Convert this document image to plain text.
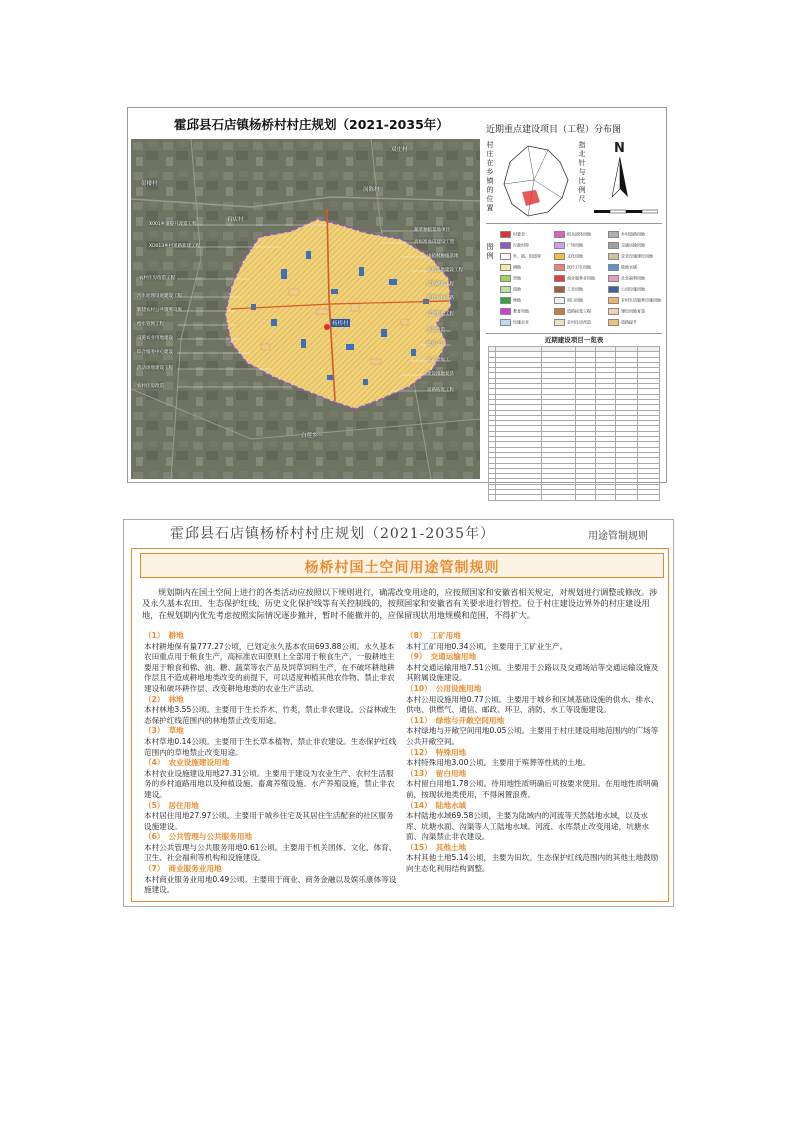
霍邱县石店镇杨桥村村庄规划（2021-2035年）	近期重点建设项目（工程）分布图
双庄村
彭楼村
石店村
岗陈村
白莲乡
杨桥村
X001乡道提升改造工程
XD013乡村道路新建工程
农村住房改造工程
污水处理设施建设工程
新建农村公共服务设施
给水管网工程
设施农业用地建设
综合服务中心建设
活动场地建设工程
农村住房改造
蔬菜种植基地项目
高标准农田建设工程
中药材种植基地
养殖基地建设工程
道路硬化工程
新建农村道路
坑塘整治工程
鱼塘改造
健身广场
农产品加工
建设用地复垦
道路拓宽工程
村庄在乡镇的位置
指北针与比例尺
N
图例
村委会	机关团体用地	乡村道路用地
行政村界	广场用地	交通运输用地
乡、镇、街道界	文化用地	农业设施建设用地
耕地	医疗卫生用地	陆地水域
草地	商业服务业用地	社会福利用地
园地	工业用地	公用设施用地
林地	留白用地	农村生活服务设施用地
教育用地	道路拓宽工程	建设用地复垦
设施农业	农村住房改造	道路提升
近期建设项目一览表

霍邱县石店镇杨桥村村庄规划（2021-2035年）	用途管制规则
杨桥村国土空间用途管制规则
规划期内在国土空间上进行的各类活动应按照以下规则进行，确需改变用途的，应按照国家和安徽省相关规定，对规划进行调整或修改。涉及永久基本农田、生态保护红线、历史文化保护线等有关控制线的，按照国家和安徽省有关要求进行管控。位于村庄建设边界外的村庄建设用地，在规划期内优先考虑按照实际情况逐步撤并，暂时不能撤并的，应保留现状用地规模和范围，不得扩大。
（1） 耕地

本村耕地保有量777.27公顷，已划定永久基本农田693.88公顷。永久基本农田重点用于粮食生产，高标准农田原则上全部用于粮食生产，一般耕地主要用于粮食和棉、油、糖、蔬菜等农产品及饲草饲料生产，在不破坏耕地耕作层且不造成耕地地类改变的前提下，可以适度种植其他农作物。禁止非农建设和破坏耕作层、改变耕地地类的农业生产活动。

（2） 林地

本村林地3.55公顷。主要用于生长乔木、竹类，禁止非农建设。公益林或生态保护红线范围内的林地禁止改变用途。

（3） 草地

本村草地0.14公顷。主要用于生长草本植物，禁止非农建设。生态保护红线范围内的草地禁止改变用途。

（4） 农业设施建设用地

本村农业设施建设用地27.31公顷。主要用于建设为农业生产、农村生活服务的乡村道路用地以及种植设施、畜禽养殖设施、水产养殖设施，禁止非农建设。

（5） 居住用地

本村居住用地27.97公顷。主要用于城乡住宅及其居住生活配套的社区服务设施建设。

（6） 公共管理与公共服务用地

本村公共管理与公共服务用地0.61公顷。主要用于机关团体、文化、体育、卫生、社会福利等机构和设施建设。

（7） 商业服务业用地

本村商业服务业用地0.49公顷。主要用于商业、商务金融以及娱乐康体等设施建设。

（8） 工矿用地

本村工矿用地0.34公顷。主要用于工矿业生产。

（9） 交通运输用地

本村交通运输用地7.51公顷。主要用于公路以及交通场站等交通运输设施及其附属设施建设。

（10） 公用设施用地

本村公用设施用地0.77公顷。主要用于城乡和区域基础设施的供水、排水、供电、供燃气、通信、邮政、环卫、消防、水工等设施建设。

（11） 绿地与开敞空间用地

本村绿地与开敞空间用地0.05公顷。主要用于村庄建设用地范围内的广场等公共开敞空间。

（12） 特殊用地

本村特殊用地3.00公顷。主要用于殡葬等性质的土地。

（13） 留白用地

本村留白用地1.78公顷。待用地性质明确后可按要求使用。在用地性质明确前，按现状地类使用，不得闲置浪费。

（14） 陆地水域

本村陆地水域69.58公顷，主要为陆域内的河流等天然陆地水域，以及水库、坑塘水面、沟渠等人工陆地水域。河流、水库禁止改变用途，坑塘水面、沟渠禁止非农建设。

（15） 其他土地

本村其他土地5.14公顷，主要为田坎。生态保护红线范围内的其他土地鼓励向生态化利用结构调整。
